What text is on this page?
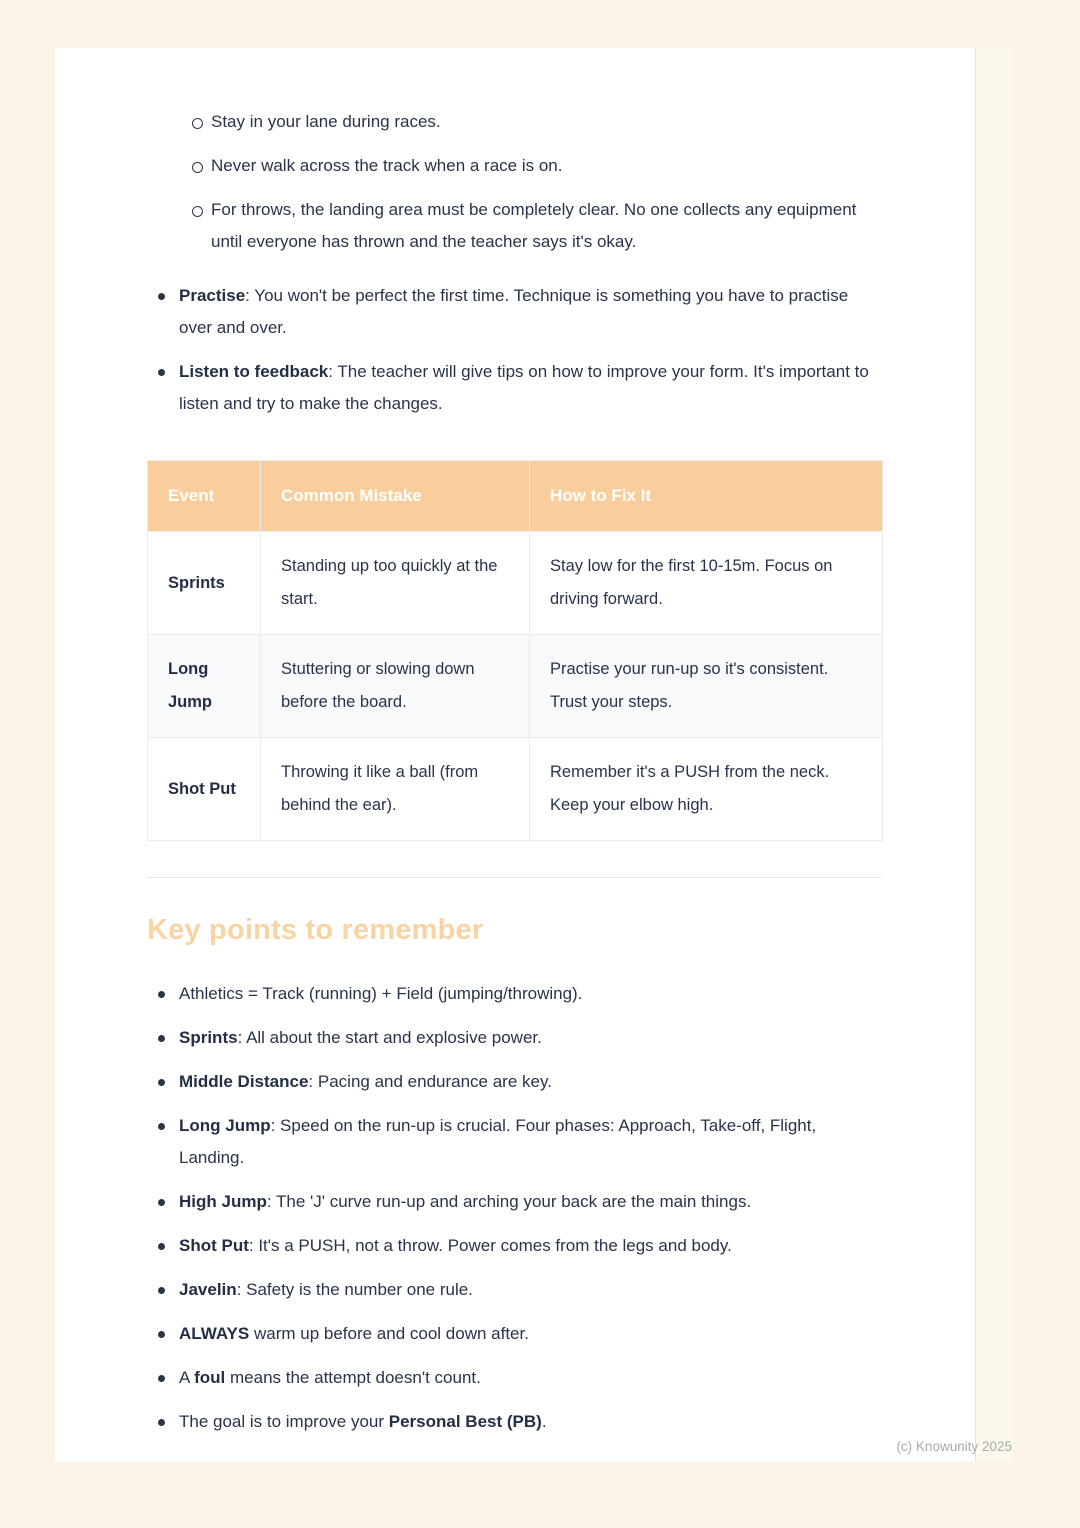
Stay in your lane during races.
Never walk across the track when a race is on.
For throws, the landing area must be completely clear. No one collects any equipment until everyone has thrown and the teacher says it's okay.
Practise: You won't be perfect the first time. Technique is something you have to practise over and over.
Listen to feedback: The teacher will give tips on how to improve your form. It's important to listen and try to make the changes.
Event	Common Mistake	How to Fix It
Sprints	Standing up too quickly at the start.	Stay low for the first 10-15m. Focus on driving forward.
Long Jump	Stuttering or slowing down before the board.	Practise your run-up so it's consistent. Trust your steps.
Shot Put	Throwing it like a ball (from behind the ear).	Remember it's a PUSH from the neck. Keep your elbow high.
Key points to remember
Athletics = Track (running) + Field (jumping/throwing).
Sprints: All about the start and explosive power.
Middle Distance: Pacing and endurance are key.
Long Jump: Speed on the run-up is crucial. Four phases: Approach, Take-off, Flight, Landing.
High Jump: The 'J' curve run-up and arching your back are the main things.
Shot Put: It's a PUSH, not a throw. Power comes from the legs and body.
Javelin: Safety is the number one rule.
ALWAYS warm up before and cool down after.
A foul means the attempt doesn't count.
The goal is to improve your Personal Best (PB).
(c) Knowunity 2025
